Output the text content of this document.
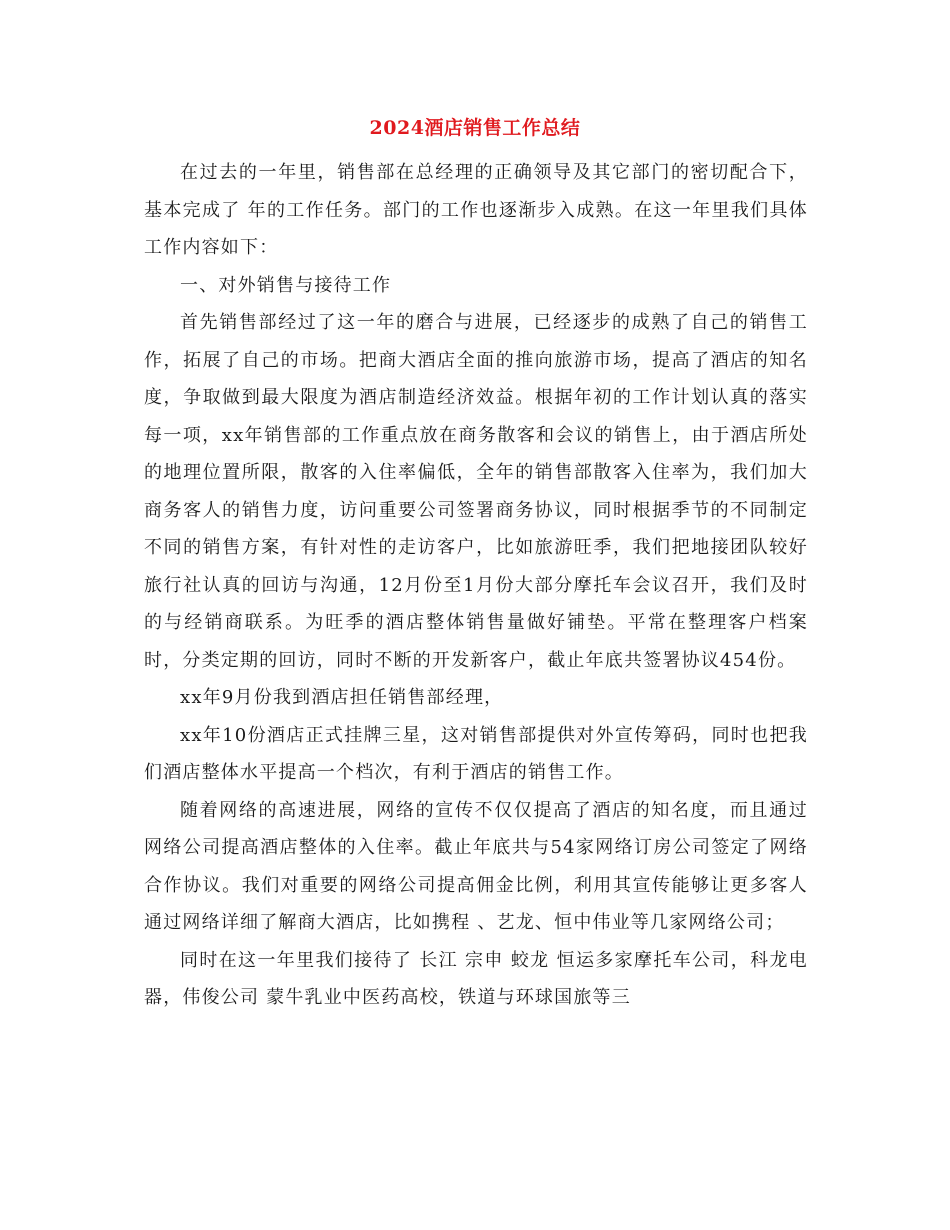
2024酒店销售工作总结

在过去的一年里，销售部在总经理的正确领导及其它部门的密切配合下，基本完成了 年的工作任务。部门的工作也逐渐步入成熟。在这一年里我们具体工作内容如下：

一、对外销售与接待工作

首先销售部经过了这一年的磨合与进展，已经逐步的成熟了自己的销售工作，拓展了自己的市场。把商大酒店全面的推向旅游市场，提高了酒店的知名度，争取做到最大限度为酒店制造经济效益。根据年初的工作计划认真的落实每一项，xx年销售部的工作重点放在商务散客和会议的销售上，由于酒店所处的地理位置所限，散客的入住率偏低，全年的销售部散客入住率为，我们加大商务客人的销售力度，访问重要公司签署商务协议，同时根据季节的不同制定不同的销售方案，有针对性的走访客户，比如旅游旺季，我们把地接团队较好旅行社认真的回访与沟通，12月份至1月份大部分摩托车会议召开，我们及时的与经销商联系。为旺季的酒店整体销售量做好铺垫。平常在整理客户档案时，分类定期的回访，同时不断的开发新客户，截止年底共签署协议454份。

xx年9月份我到酒店担任销售部经理，

xx年10份酒店正式挂牌三星，这对销售部提供对外宣传筹码，同时也把我们酒店整体水平提高一个档次，有利于酒店的销售工作。

随着网络的高速进展，网络的宣传不仅仅提高了酒店的知名度，而且通过网络公司提高酒店整体的入住率。截止年底共与54家网络订房公司签定了网络合作协议。我们对重要的网络公司提高佣金比例，利用其宣传能够让更多客人通过网络详细了解商大酒店，比如携程 、艺龙、恒中伟业等几家网络公司；

同时在这一年里我们接待了 长江 宗申 蛟龙 恒运多家摩托车公司，科龙电器，伟俊公司 蒙牛乳业中医药高校，铁道与环球国旅等三
